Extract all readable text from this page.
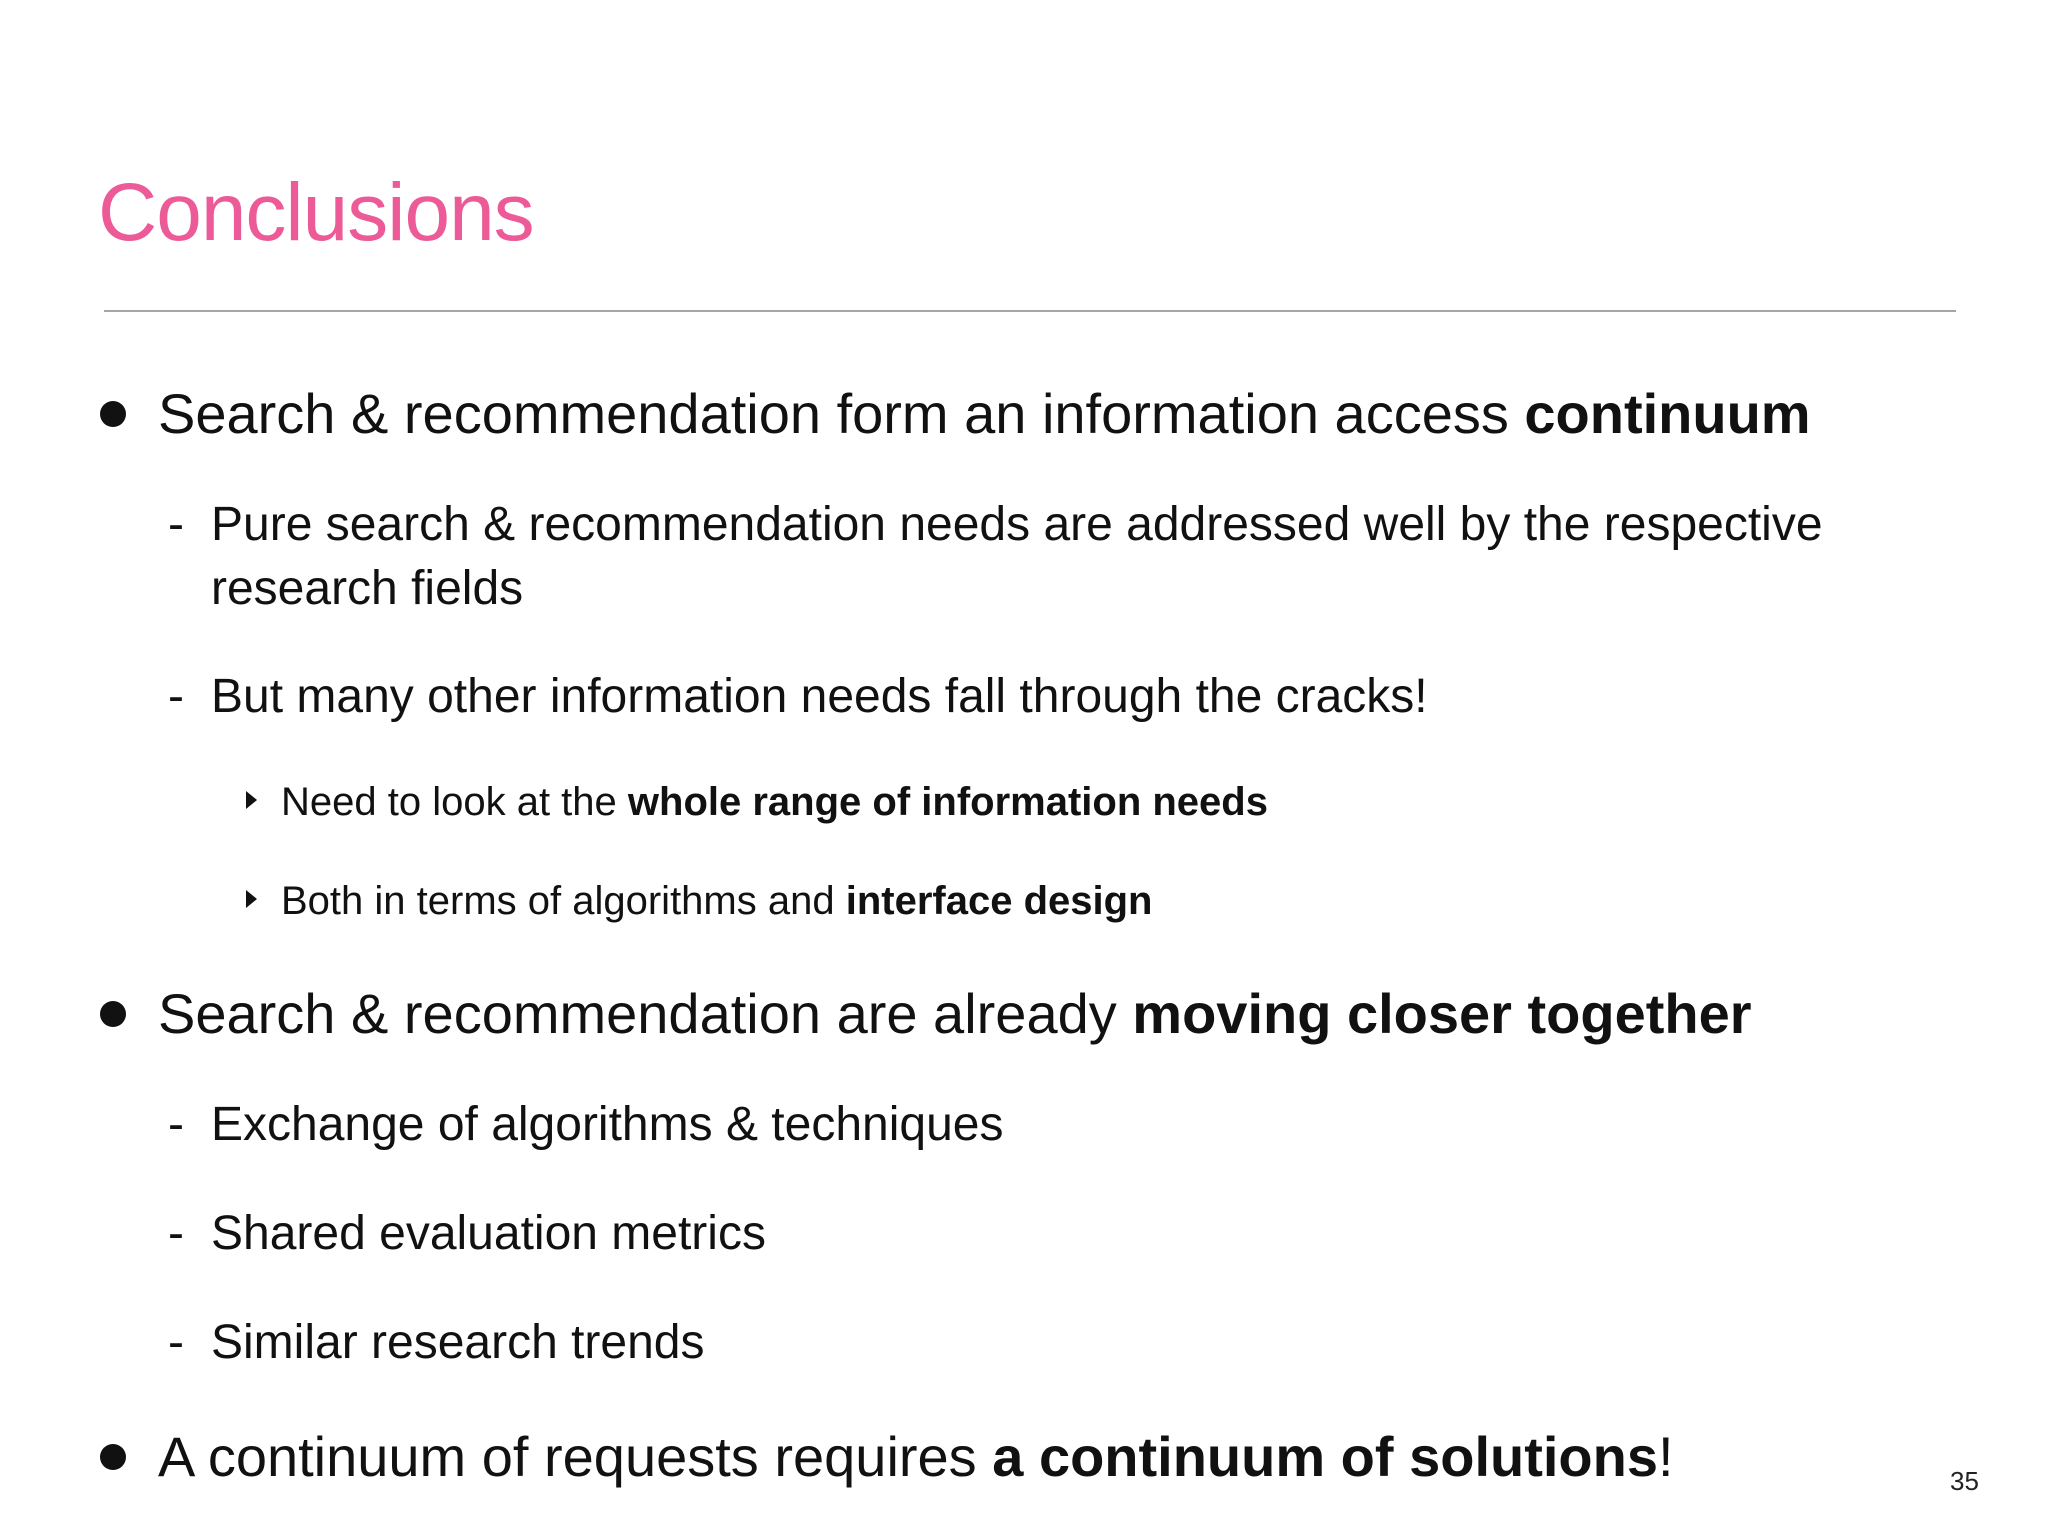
Conclusions
Search & recommendation form an information access continuum
- Pure search & recommendation needs are addressed well by the respective
research fields
- But many other information needs fall through the cracks!
Need to look at the whole range of information needs
Both in terms of algorithms and interface design
Search & recommendation are already moving closer together
- Exchange of algorithms & techniques
- Shared evaluation metrics
- Similar research trends
A continuum of requests requires a continuum of solutions!	35
